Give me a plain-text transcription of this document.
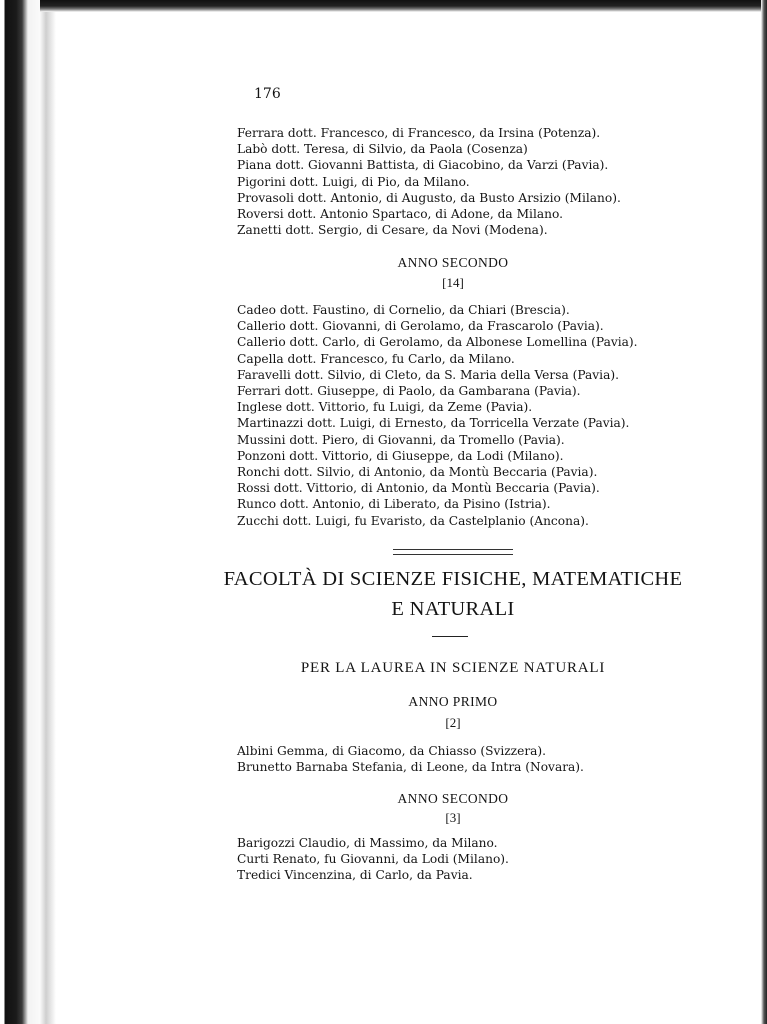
176
Ferrara dott. Francesco, di Francesco, da Irsina (Potenza).
Labò dott. Teresa, di Silvio, da Paola (Cosenza)
Piana dott. Giovanni Battista, di Giacobino, da Varzi (Pavia).
Pigorini dott. Luigi, di Pio, da Milano.
Provasoli dott. Antonio, di Augusto, da Busto Arsizio (Milano).
Roversi dott. Antonio Spartaco, di Adone, da Milano.
Zanetti dott. Sergio, di Cesare, da Novi (Modena).
ANNO SECONDO
[14]
Cadeo dott. Faustino, di Cornelio, da Chiari (Brescia).
Callerio dott. Giovanni, di Gerolamo, da Frascarolo (Pavia).
Callerio dott. Carlo, di Gerolamo, da Albonese Lomellina (Pavia).
Capella dott. Francesco, fu Carlo, da Milano.
Faravelli dott. Silvio, di Cleto, da S. Maria della Versa (Pavia).
Ferrari dott. Giuseppe, di Paolo, da Gambarana (Pavia).
Inglese dott. Vittorio, fu Luigi, da Zeme (Pavia).
Martinazzi dott. Luigi, di Ernesto, da Torricella Verzate (Pavia).
Mussini dott. Piero, di Giovanni, da Tromello (Pavia).
Ponzoni dott. Vittorio, di Giuseppe, da Lodi (Milano).
Ronchi dott. Silvio, di Antonio, da Montù Beccaria (Pavia).
Rossi dott. Vittorio, di Antonio, da Montù Beccaria (Pavia).
Runco dott. Antonio, di Liberato, da Pisino (Istria).
Zucchi dott. Luigi, fu Evaristo, da Castelplanio (Ancona).
FACOLTÀ DI SCIENZE FISICHE, MATEMATICHE
E NATURALI
PER LA LAUREA IN SCIENZE NATURALI
ANNO PRIMO
[2]
Albini Gemma, di Giacomo, da Chiasso (Svizzera).
Brunetto Barnaba Stefania, di Leone, da Intra (Novara).
ANNO SECONDO
[3]
Barigozzi Claudio, di Massimo, da Milano.
Curti Renato, fu Giovanni, da Lodi (Milano).
Tredici Vincenzina, di Carlo, da Pavia.
